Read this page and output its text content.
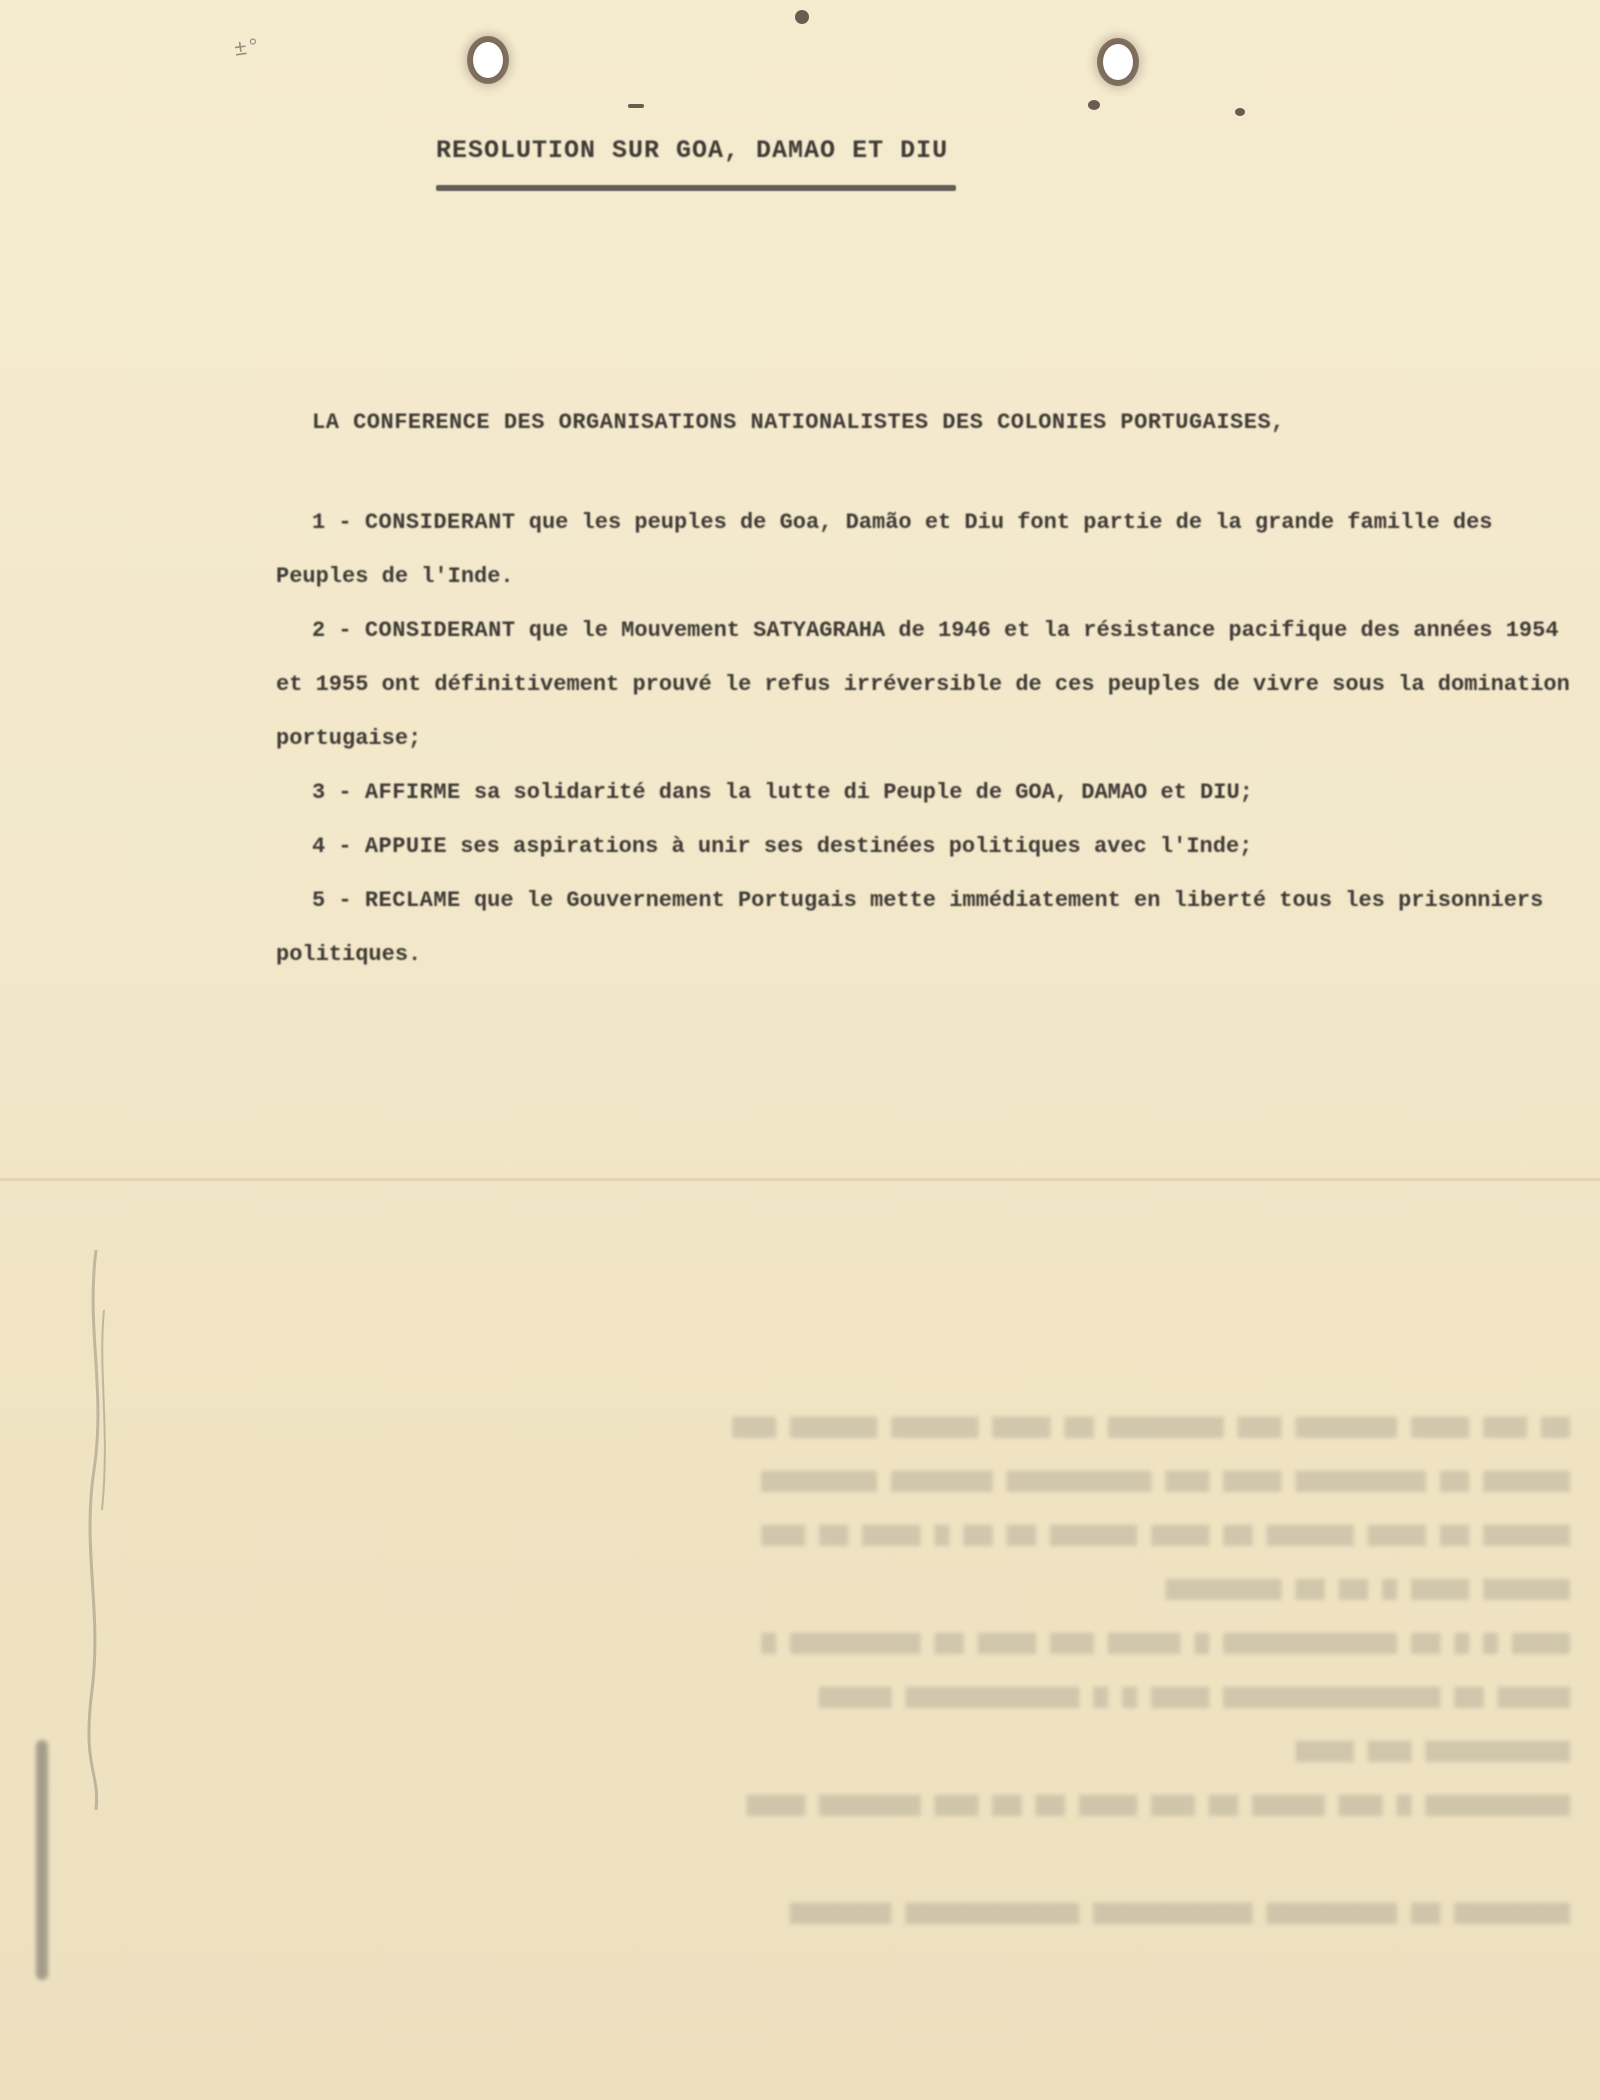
±°
RESOLUTION SUR GOA, DAMAO ET DIU
LA CONFERENCE DES ORGANISATIONS NATIONALISTES DES COLONIES PORTUGAISES,

1 - CONSIDERANT que les peuples de Goa, Damão et Diu font partie de la grande famille des Peuples de l'Inde.

2 - CONSIDERANT que le Mouvement SATYAGRAHA de 1946 et la résistance pacifique des années 1954 et 1955 ont définitivement prouvé le refus irréversible de ces peuples de vivre sous la domination portugaise;

3 - AFFIRME sa solidarité dans la lutte di Peuple de GOA, DAMAO et DIU;

4 - APPUIE ses aspirations à unir ses destinées politiques avec l'Inde;

5 - RECLAME que le Gouvernement Portugais mette immédiatement en liberté tous les prisonniers politiques.

▆▆ ▆▆▆ ▆▆▆▆ ▆▆▆▆▆▆▆ ▆▆▆ ▆▆▆▆▆▆▆▆ ▆▆ ▆▆▆▆ ▆▆▆▆▆▆ ▆▆▆▆▆▆ ▆▆▆
▆▆▆▆▆▆ ▆▆ ▆▆▆▆▆▆▆▆▆ ▆▆▆▆ ▆▆▆ ▆▆▆▆▆▆▆▆▆▆ ▆▆▆▆▆▆▆ ▆▆▆▆▆▆▆▆
▆▆▆▆▆▆ ▆▆ ▆▆▆▆ ▆▆▆▆▆▆ ▆▆ ▆▆▆▆ ▆▆▆▆▆▆ ▆▆ ▆▆ ▆ ▆▆▆▆ ▆▆ ▆▆▆
▆▆▆▆▆▆ ▆▆▆▆ ▆ ▆▆ ▆▆ ▆▆▆▆▆▆▆▆
▆▆▆▆ ▆ ▆ ▆▆ ▆▆▆▆▆▆▆▆▆▆▆▆ ▆ ▆▆▆▆▆ ▆▆▆ ▆▆▆▆ ▆▆ ▆▆▆▆▆▆▆▆▆ ▆
▆▆▆▆▆ ▆▆ ▆▆▆▆▆▆▆▆▆▆▆▆▆▆▆ ▆▆▆▆ ▆ ▆ ▆▆▆▆▆▆▆▆▆▆▆▆ ▆▆▆▆▆
▆▆▆▆▆▆▆▆▆▆ ▆▆▆ ▆▆▆▆
▆▆▆▆▆▆▆▆▆▆ ▆ ▆▆▆ ▆▆▆▆▆ ▆▆ ▆▆▆ ▆▆▆▆ ▆▆ ▆▆ ▆▆▆ ▆▆▆▆▆▆▆ ▆▆▆▆

▆▆▆▆▆▆▆▆ ▆▆ ▆▆▆▆▆▆▆▆▆ ▆▆▆▆▆▆▆▆▆▆▆ ▆▆▆▆▆▆▆▆▆▆▆▆ ▆▆▆▆▆▆▆
